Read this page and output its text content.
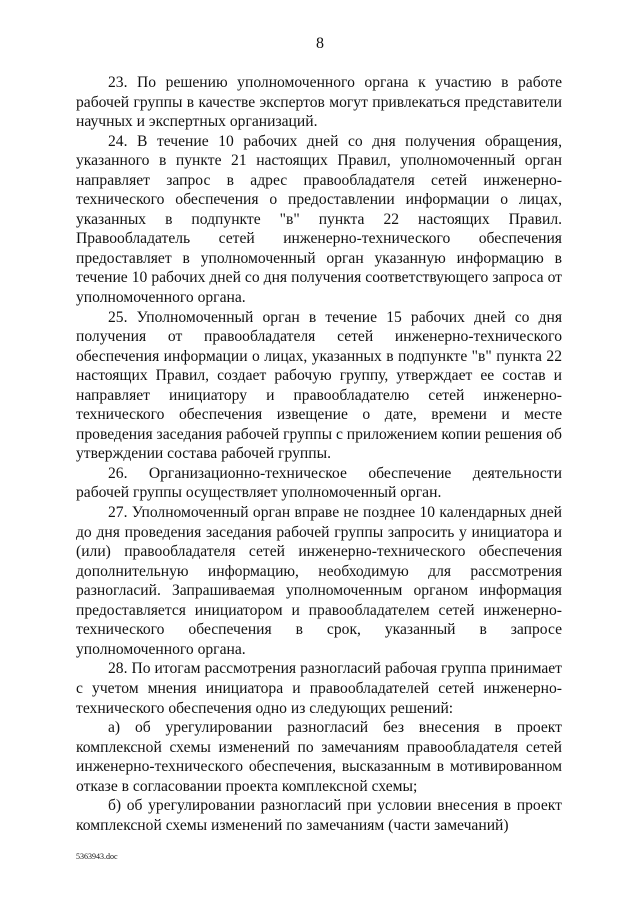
8

23. По решению уполномоченного органа к участию в работе рабочей группы в качестве экспертов могут привлекаться представители научных и экспертных организаций.

24. В течение 10 рабочих дней со дня получения обращения, указанного в пункте 21 настоящих Правил, уполномоченный орган направляет запрос в адрес правообладателя сетей инженерно-технического обеспечения о предоставлении информации о лицах, указанных в подпункте "в" пункта 22 настоящих Правил. Правообладатель сетей инженерно-технического обеспечения предоставляет в уполномоченный орган указанную информацию в течение 10 рабочих дней со дня получения соответствующего запроса от уполномоченного органа.

25. Уполномоченный орган в течение 15 рабочих дней со дня получения от правообладателя сетей инженерно-технического обеспечения информации о лицах, указанных в подпункте "в" пункта 22 настоящих Правил, создает рабочую группу, утверждает ее состав и направляет инициатору и правообладателю сетей инженерно-технического обеспечения извещение о дате, времени и месте проведения заседания рабочей группы с приложением копии решения об утверждении состава рабочей группы.

26. Организационно-техническое обеспечение деятельности рабочей группы осуществляет уполномоченный орган.

27. Уполномоченный орган вправе не позднее 10 календарных дней до дня проведения заседания рабочей группы запросить у инициатора и (или) правообладателя сетей инженерно-технического обеспечения дополнительную информацию, необходимую для рассмотрения разногласий. Запрашиваемая уполномоченным органом информация предоставляется инициатором и правообладателем сетей инженерно-технического обеспечения в срок, указанный в запросе уполномоченного органа.

28. По итогам рассмотрения разногласий рабочая группа принимает с учетом мнения инициатора и правообладателей сетей инженерно-технического обеспечения одно из следующих решений:

а) об урегулировании разногласий без внесения в проект комплексной схемы изменений по замечаниям правообладателя сетей инженерно-технического обеспечения, высказанным в мотивированном отказе в согласовании проекта комплексной схемы;

б) об урегулировании разногласий при условии внесения в проект комплексной схемы изменений по замечаниям (части замечаний)

5363943.doc
